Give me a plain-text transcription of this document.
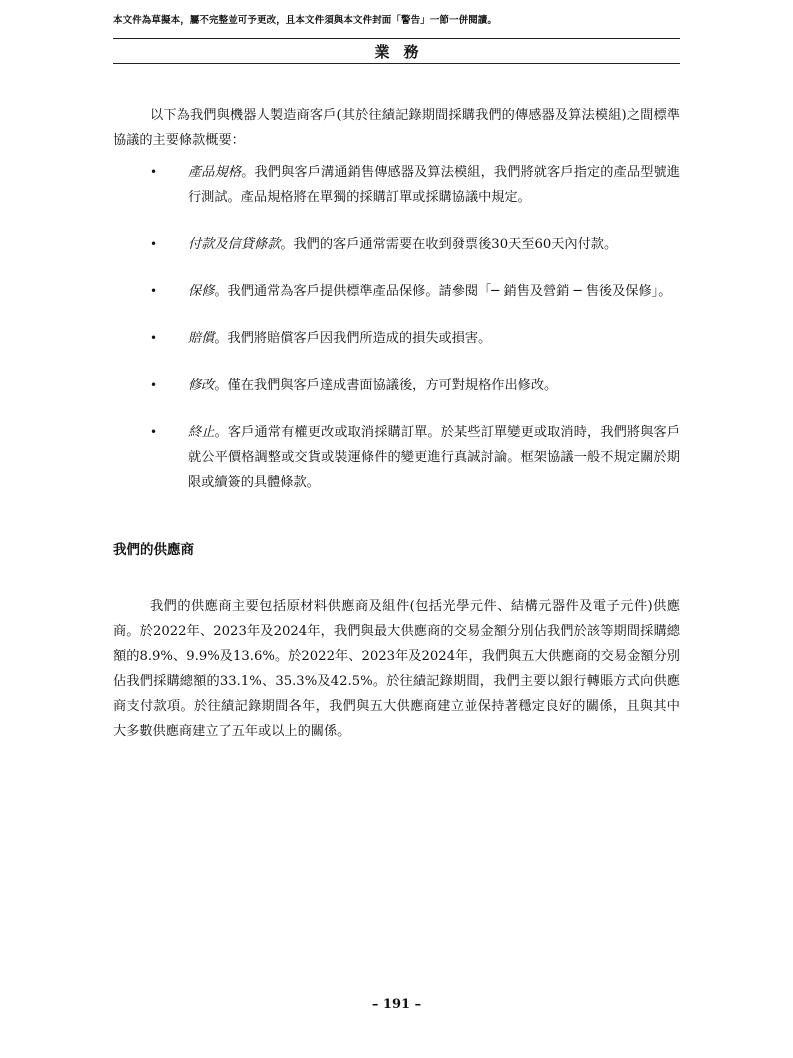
本文件為草擬本，屬不完整並可予更改，且本文件須與本文件封面「警告」一節一併閱讀。
業務

以下為我們與機器人製造商客戶(其於往績記錄期間採購我們的傳感器及算法模組)之間標準協議的主要條款概要：

• 產品規格。我們與客戶溝通銷售傳感器及算法模組，我們將就客戶指定的產品型號進行測試。產品規格將在單獨的採購訂單或採購協議中規定。
• 付款及信貸條款。我們的客戶通常需要在收到發票後30天至60天內付款。
• 保修。我們通常為客戶提供標準產品保修。請參閱「─ 銷售及營銷 ─ 售後及保修」。
• 賠償。我們將賠償客戶因我們所造成的損失或損害。
• 修改。僅在我們與客戶達成書面協議後，方可對規格作出修改。
• 終止。客戶通常有權更改或取消採購訂單。於某些訂單變更或取消時，我們將與客戶就公平價格調整或交貨或裝運條件的變更進行真誠討論。框架協議一般不規定關於期限或續簽的具體條款。
我們的供應商

我們的供應商主要包括原材料供應商及組件(包括光學元件、結構元器件及電子元件)供應商。於2022年、2023年及2024年，我們與最大供應商的交易金額分別佔我們於該等期間採購總額的8.9%、9.9%及13.6%。於2022年、2023年及2024年，我們與五大供應商的交易金額分別佔我們採購總額的33.1%、35.3%及42.5%。於往績記錄期間，我們主要以銀行轉賬方式向供應商支付款項。於往績記錄期間各年，我們與五大供應商建立並保持著穩定良好的關係，且與其中大多數供應商建立了五年或以上的關係。

– 191 –
